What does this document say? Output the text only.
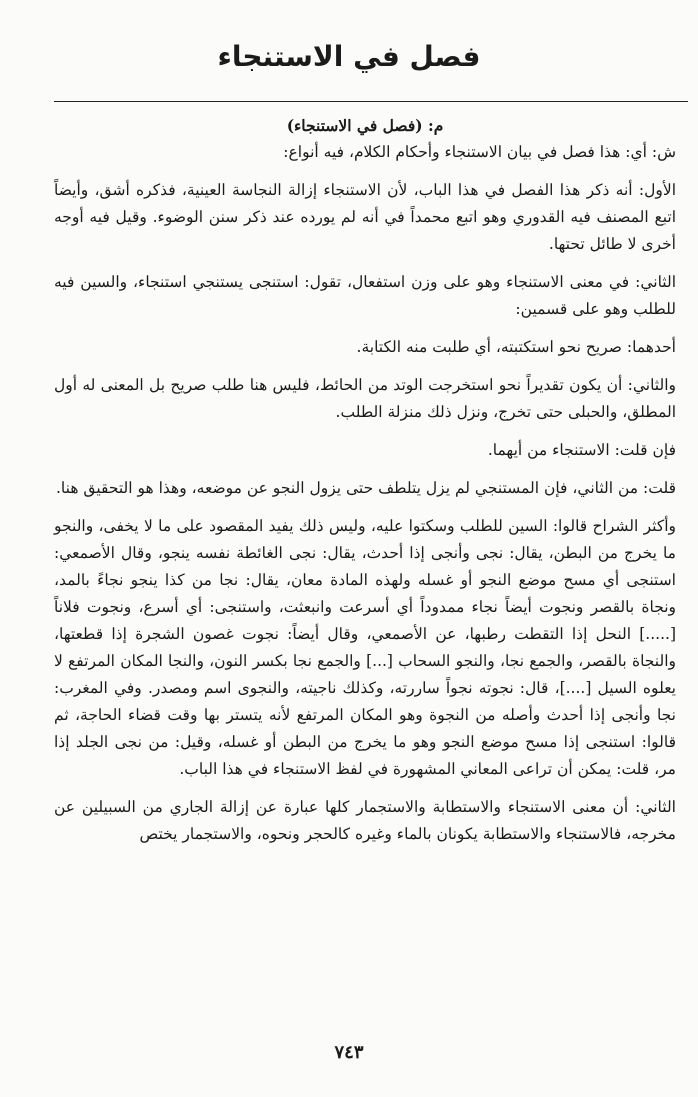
فصل في الاستنجاء

م: (فصل في الاستنجاء)

ش: أي: هذا فصل في بيان الاستنجاء وأحكام الكلام، فيه أنواع:

الأول: أنه ذكر هذا الفصل في هذا الباب، لأن الاستنجاء إزالة النجاسة العينية، فذكره أشق، وأيضاً اتبع المصنف فيه القدوري وهو اتبع محمداً في أنه لم يورده عند ذكر سنن الوضوء. وقيل فيه أوجه أخرى لا طائل تحتها.

الثاني: في معنى الاستنجاء وهو على وزن استفعال، تقول: استنجى يستنجي استنجاء، والسين فيه للطلب وهو على قسمين:

أحدهما: صريح نحو استكتبته، أي طلبت منه الكتابة.

والثاني: أن يكون تقديراً نحو استخرجت الوتد من الحائط، فليس هنا طلب صريح بل المعنى له أول المطلق، والحبلى حتى تخرج، ونزل ذلك منزلة الطلب.

فإن قلت: الاستنجاء من أيهما.

قلت: من الثاني، فإن المستنجي لم يزل يتلطف حتى يزول النجو عن موضعه، وهذا هو التحقيق هنا.

وأكثر الشراح قالوا: السين للطلب وسكتوا عليه، وليس ذلك يفيد المقصود على ما لا يخفى، والنجو ما يخرج من البطن، يقال: نجى وأنجى إذا أحدث، يقال: نجى الغائطة نفسه ينجو، وقال الأصمعي: استنجى أي مسح موضع النجو أو غسله ولهذه المادة معان، يقال: نجا من كذا ينجو نجاءً بالمد، ونجاة بالقصر ونجوت أيضاً نجاء ممدوداً أي أسرعت وانبعثت، واستنجى: أي أسرع، ونجوت فلاناً [.....] النحل إذا التقطت رطبها، عن الأصمعي، وقال أيضاً: نجوت غصون الشجرة إذا قطعتها، والنجاة بالقصر، والجمع نجا، والنجو السحاب [...] والجمع نجا بكسر النون، والنجا المكان المرتفع لا يعلوه السيل [....]، قال: نجوته نجواً ساررته، وكذلك ناجيته، والنجوى اسم ومصدر. وفي المغرب: نجا وأنجى إذا أحدث وأصله من النجوة وهو المكان المرتفع لأنه يتستر بها وقت قضاء الحاجة، ثم قالوا: استنجى إذا مسح موضع النجو وهو ما يخرج من البطن أو غسله، وقيل: من نجى الجلد إذا مر، قلت: يمكن أن تراعى المعاني المشهورة في لفظ الاستنجاء في هذا الباب.

الثاني: أن معنى الاستنجاء والاستطابة والاستجمار كلها عبارة عن إزالة الجاري من السبيلين عن مخرجه، فالاستنجاء والاستطابة يكونان بالماء وغيره كالحجر ونحوه، والاستجمار يختص

٧٤٣
